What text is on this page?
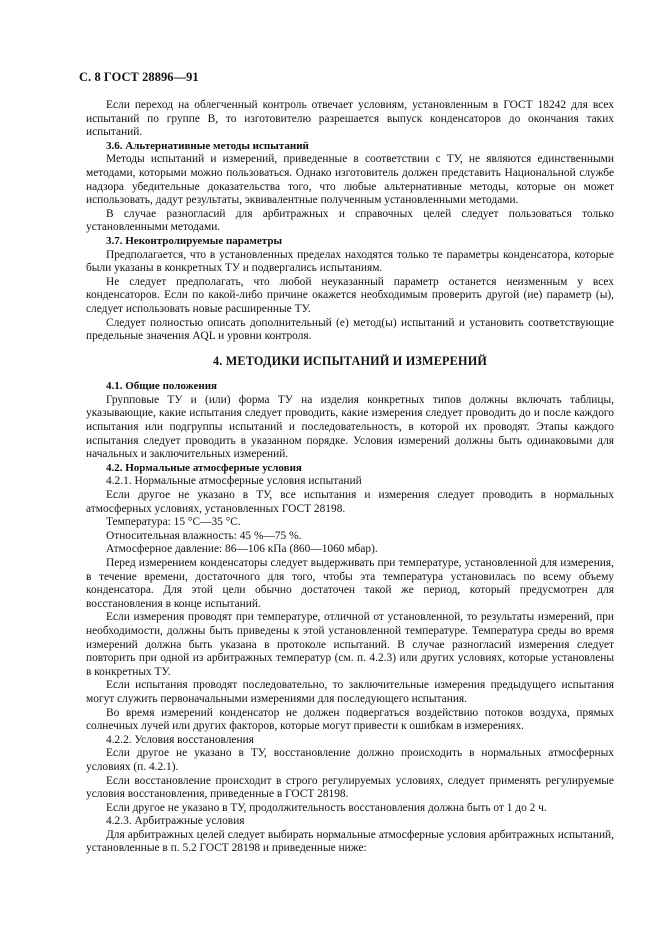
С. 8 ГОСТ 28896—91

Если переход на облегченный контроль отвечает условиям, установленным в ГОСТ 18242 для всех испытаний по группе В, то изготовителю разрешается выпуск конденсаторов до окончания таких испытаний.

3.6. Альтернативные методы испытаний

Методы испытаний и измерений, приведенные в соответствии с ТУ, не являются единственными методами, которыми можно пользоваться. Однако изготовитель должен представить Национальной службе надзора убедительные доказательства того, что любые альтернативные методы, которые он может использовать, дадут результаты, эквивалентные полученным установленными методами.

В случае разногласий для арбитражных и справочных целей следует пользоваться только установленными методами.

3.7. Неконтролируемые параметры

Предполагается, что в установленных пределах находятся только те параметры конденсатора, которые были указаны в конкретных ТУ и подвергались испытаниям.

Не следует предполагать, что любой неуказанный параметр останется неизменным у всех конденсаторов. Если по какой-либо причине окажется необходимым проверить другой (ие) параметр (ы), следует использовать новые расширенные ТУ.

Следует полностью описать дополнительный (е) метод(ы) испытаний и установить соответствующие предельные значения AQL и уровни контроля.

4. МЕТОДИКИ ИСПЫТАНИЙ И ИЗМЕРЕНИЙ

4.1. Общие положения

Групповые ТУ и (или) форма ТУ на изделия конкретных типов должны включать таблицы, указывающие, какие испытания следует проводить, какие измерения следует проводить до и после каждого испытания или подгруппы испытаний и последовательность, в которой их проводят. Этапы каждого испытания следует проводить в указанном порядке. Условия измерений должны быть одинаковыми для начальных и заключительных измерений.

4.2. Нормальные атмосферные условия

4.2.1. Нормальные атмосферные условия испытаний

Если другое не указано в ТУ, все испытания и измерения следует проводить в нормальных атмосферных условиях, установленных ГОСТ 28198.

Температура: 15 °С—35 °С.

Относительная влажность: 45 %—75 %.

Атмосферное давление: 86—106 кПа (860—1060 мбар).

Перед измерением конденсаторы следует выдерживать при температуре, установленной для измерения, в течение времени, достаточного для того, чтобы эта температура установилась по всему объему конденсатора. Для этой цели обычно достаточен такой же период, который предусмотрен для восстановления в конце испытаний.

Если измерения проводят при температуре, отличной от установленной, то результаты измерений, при необходимости, должны быть приведены к этой установленной температуре. Температура среды во время измерений должна быть указана в протоколе испытаний. В случае разногласий измерения следует повторить при одной из арбитражных температур (см. п. 4.2.3) или других условиях, которые установлены в конкретных ТУ.

Если испытания проводят последовательно, то заключительные измерения предыдущего испытания могут служить первоначальными измерениями для последующего испытания.

Во время измерений конденсатор не должен подвергаться воздействию потоков воздуха, прямых солнечных лучей или других факторов, которые могут привести к ошибкам в измерениях.

4.2.2. Условия восстановления

Если другое не указано в ТУ, восстановление должно происходить в нормальных атмосферных условиях (п. 4.2.1).

Если восстановление происходит в строго регулируемых условиях, следует применять регулируемые условия восстановления, приведенные в ГОСТ 28198.

Если другое не указано в ТУ, продолжительность восстановления должна быть от 1 до 2 ч.

4.2.3. Арбитражные условия

Для арбитражных целей следует выбирать нормальные атмосферные условия арбитражных испытаний, установленные в п. 5.2 ГОСТ 28198 и приведенные ниже:
